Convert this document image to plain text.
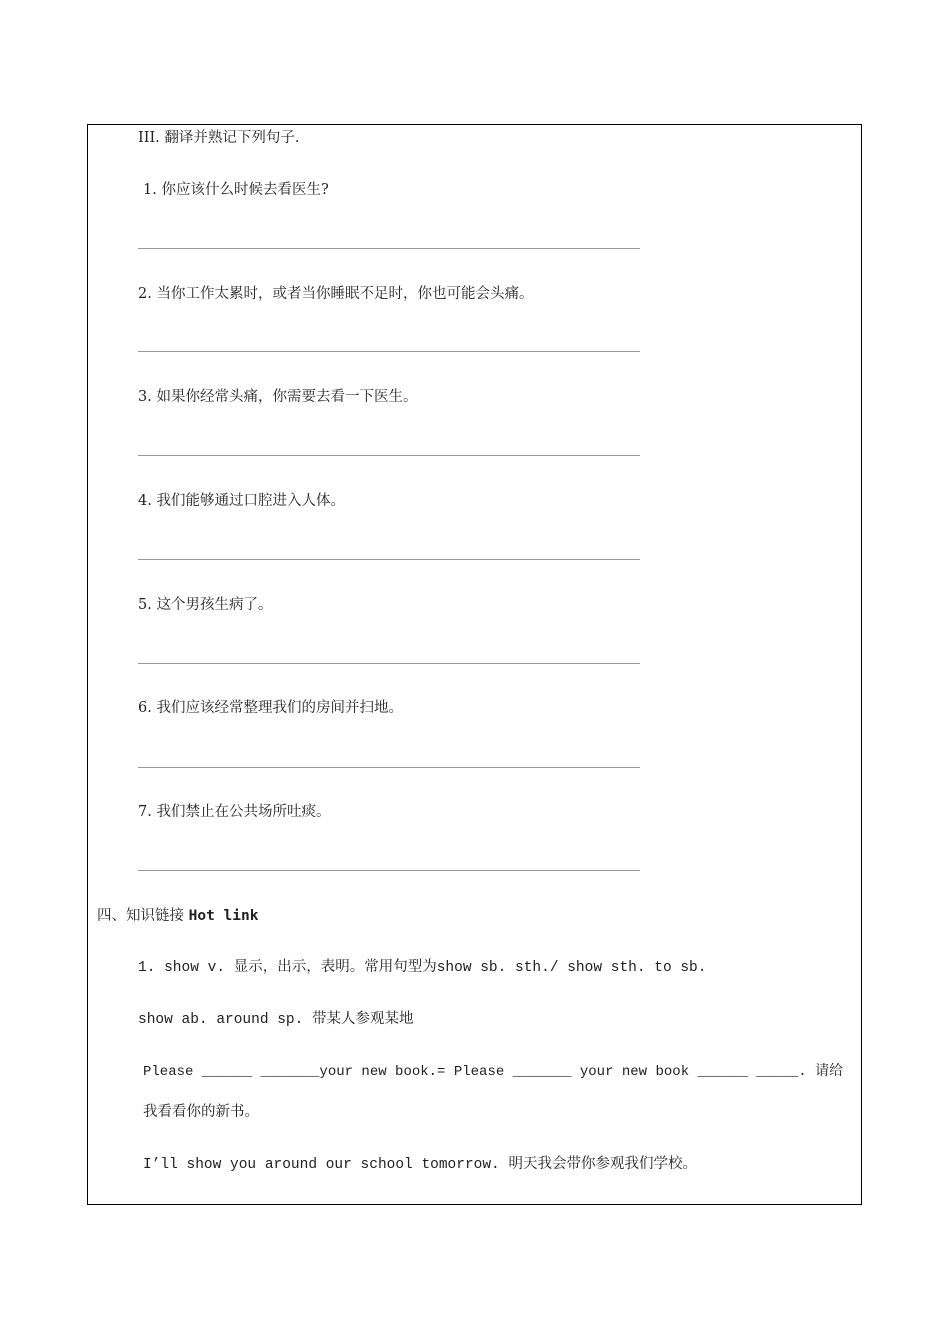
III. 翻译并熟记下列句子.
1. 你应该什么时候去看医生?
2. 当你工作太累时，或者当你睡眠不足时，你也可能会头痛。
3. 如果你经常头痛，你需要去看一下医生。
4. 我们能够通过口腔进入人体。
5. 这个男孩生病了。
6. 我们应该经常整理我们的房间并扫地。
7. 我们禁止在公共场所吐痰。
四、知识链接 Hot link
1. show v. 显示，出示，表明。常用句型为show sb. sth./ show sth. to sb.
show ab. around sp. 带某人参观某地
Please ______ _______your new book.= Please _______ your new book ______ _____. 请给
我看看你的新书。
I’ll show you around our school tomorrow. 明天我会带你参观我们学校。
